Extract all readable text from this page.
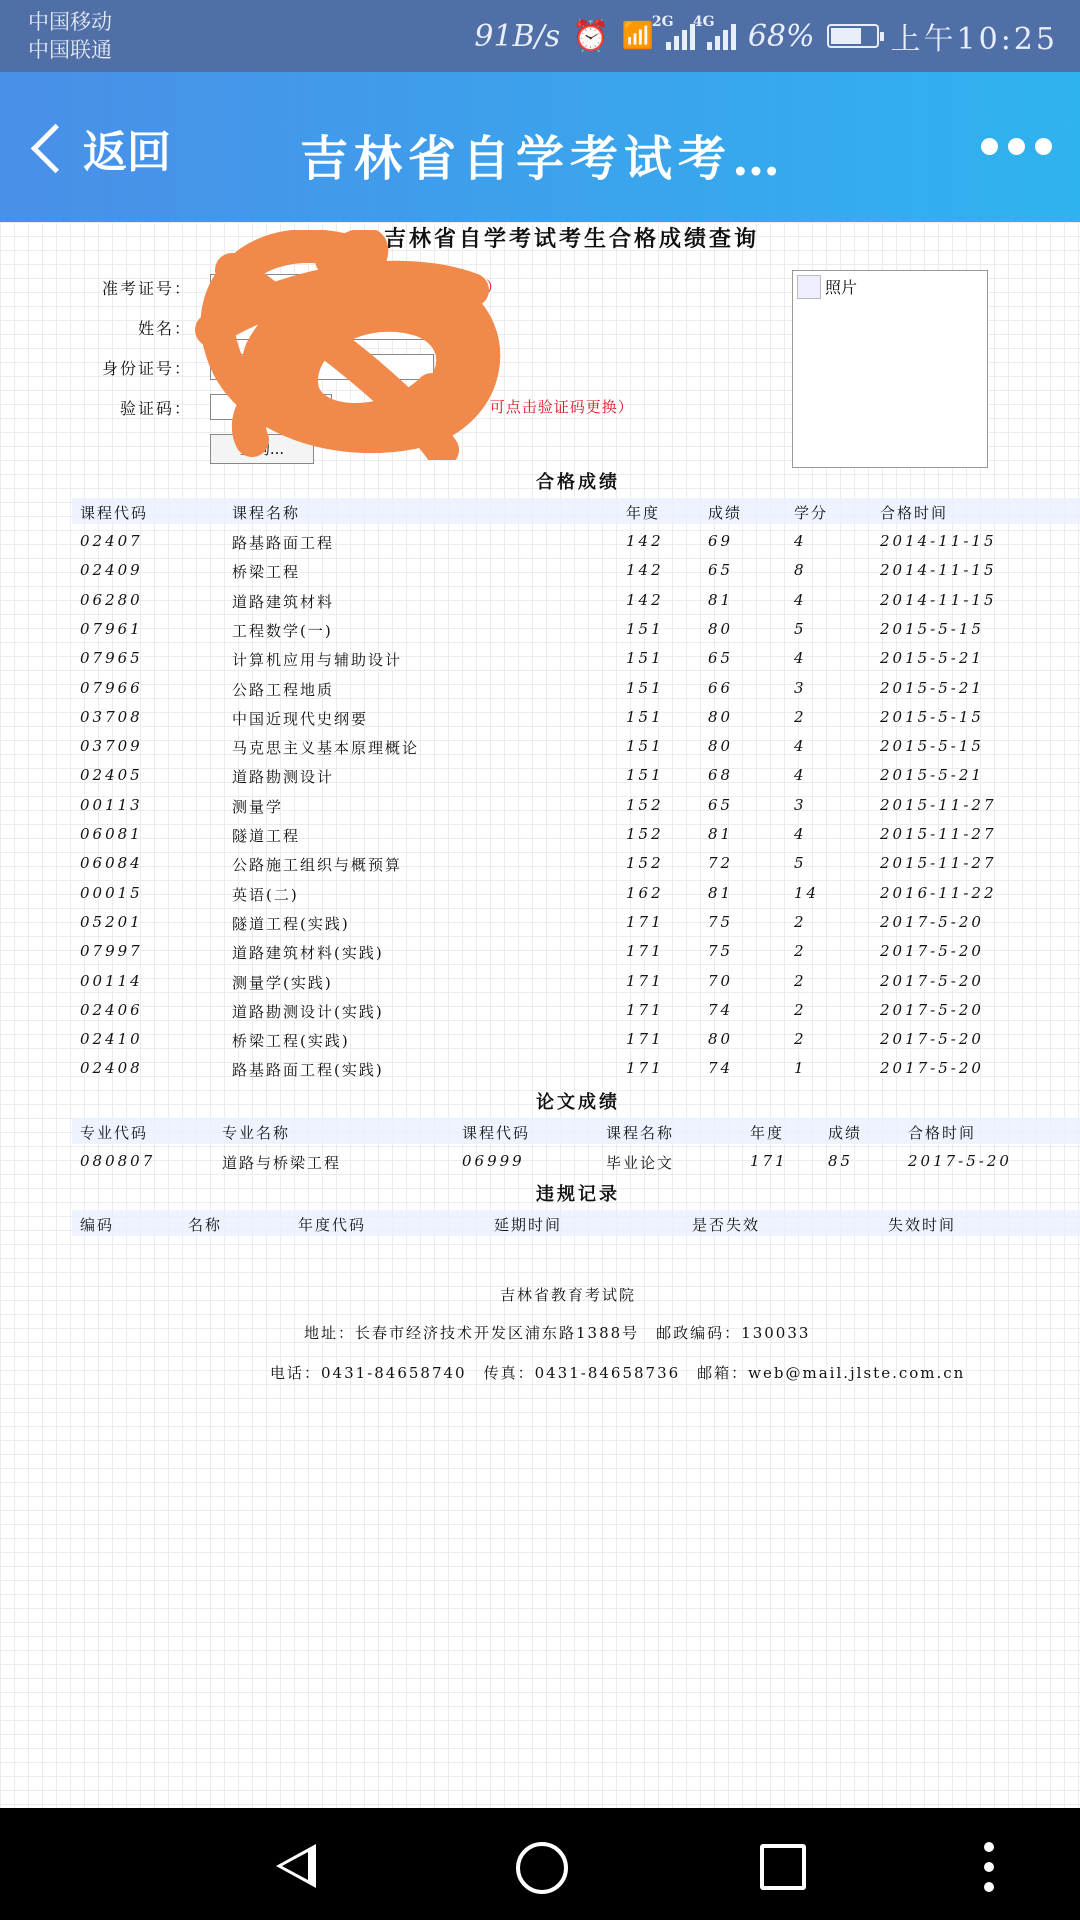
中国移动
中国联通	91B/s ⏰ 📶
2G 4G 68%	上午10:25
返回	吉林省自学考试考…
吉林省自学考试考生合格成绩查询
准考证号：	（必填）
姓名：	（必填）
身份证号：	（必填）
验证码：	（看不清？ 可点击验证码更换）
查询...
照片
合格成绩
课程代码	课程名称	年度	成绩	学分	合格时间
02407	路基路面工程	142	69	4	2014-11-15
02409	桥梁工程	142	65	8	2014-11-15
06280	道路建筑材料	142	81	4	2014-11-15
07961	工程数学(一)	151	80	5	2015-5-15
07965	计算机应用与辅助设计	151	65	4	2015-5-21
07966	公路工程地质	151	66	3	2015-5-21
03708	中国近现代史纲要	151	80	2	2015-5-15
03709	马克思主义基本原理概论	151	80	4	2015-5-15
02405	道路勘测设计	151	68	4	2015-5-21
00113	测量学	152	65	3	2015-11-27
06081	隧道工程	152	81	4	2015-11-27
06084	公路施工组织与概预算	152	72	5	2015-11-27
00015	英语(二)	162	81	14	2016-11-22
05201	隧道工程(实践)	171	75	2	2017-5-20
07997	道路建筑材料(实践)	171	75	2	2017-5-20
00114	测量学(实践)	171	70	2	2017-5-20
02406	道路勘测设计(实践)	171	74	2	2017-5-20
02410	桥梁工程(实践)	171	80	2	2017-5-20
02408	路基路面工程(实践)	171	74	1	2017-5-20
论文成绩
专业代码	专业名称	课程代码	课程名称	年度	成绩	合格时间
080807	道路与桥梁工程	06999	毕业论文	171	85	2017-5-20
违规记录
编码	名称	年度代码	延期时间	是否失效	失效时间
吉林省教育考试院
地址：长春市经济技术开发区浦东路1388号　邮政编码：130033
电话：0431-84658740　传真：0431-84658736　邮箱：web@mail.jlste.com.cn
